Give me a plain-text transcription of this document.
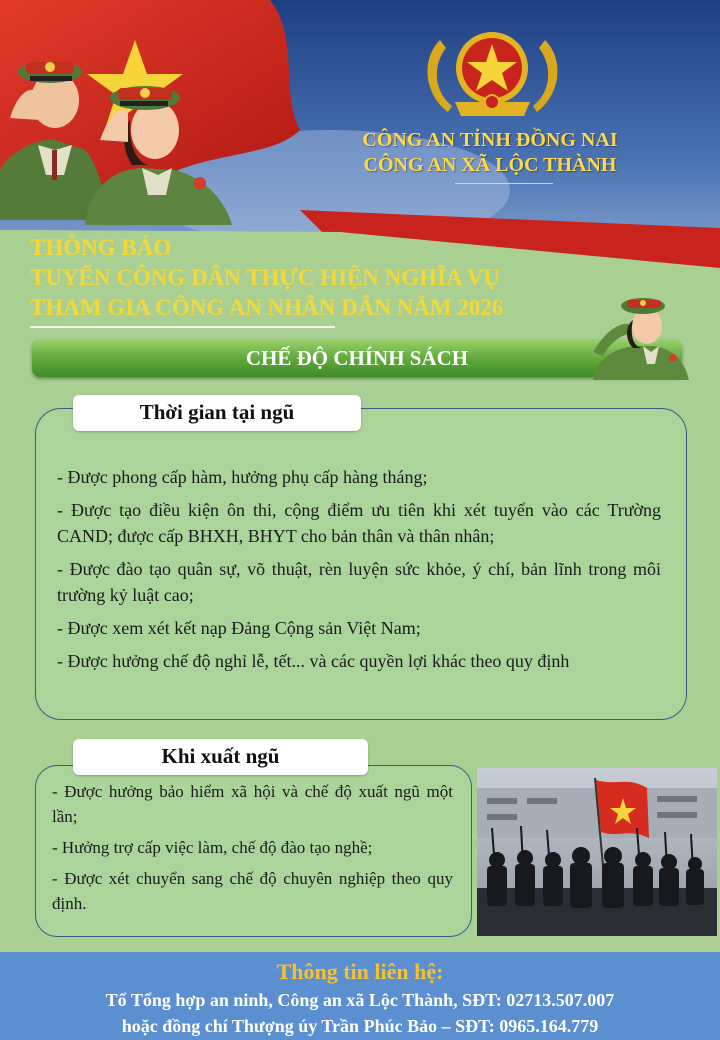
CÔNG AN TỈNH ĐỒNG NAI
CÔNG AN XÃ LỘC THÀNH
THÔNG BÁO
TUYỂN CÔNG DÂN THỰC HIỆN NGHĨA VỤ
THAM GIA CÔNG AN NHÂN DÂN NĂM 2026
CHẾ ĐỘ CHÍNH SÁCH
Thời gian tại ngũ

- Được phong cấp hàm, hưởng phụ cấp hàng tháng;

- Được tạo điều kiện ôn thi, cộng điểm ưu tiên khi xét tuyển vào các Trường CAND; được cấp BHXH, BHYT cho bản thân và thân nhân;

- Được đào tạo quân sự, võ thuật, rèn luyện sức khỏe, ý chí, bản lĩnh trong môi trường kỷ luật cao;

- Được xem xét kết nạp Đảng Cộng sản Việt Nam;

- Được hưởng chế độ nghỉ lễ, tết... và các quyền lợi khác theo quy định

Khi xuất ngũ

- Được hưởng bảo hiểm xã hội và chế độ xuất ngũ một lần;

- Hưởng trợ cấp việc làm, chế độ đào tạo nghề;

- Được xét chuyển sang chế độ chuyên nghiệp theo quy định.

Thông tin liên hệ:
Tổ Tổng hợp an ninh, Công an xã Lộc Thành, SĐT: 02713.507.007
hoặc đồng chí Thượng úy Trần Phúc Bảo – SĐT: 0965.164.779
